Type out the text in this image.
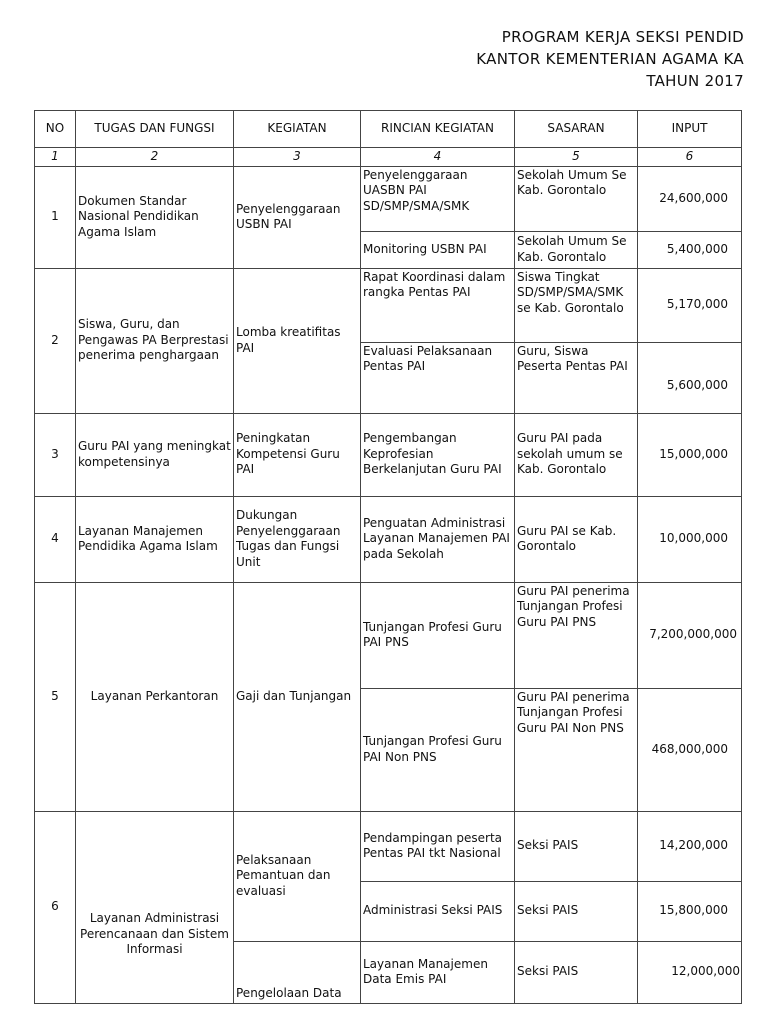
PROGRAM KERJA SEKSI PENDID
KANTOR KEMENTERIAN AGAMA KA
TAHUN 2017
NO	TUGAS DAN FUNGSI	KEGIATAN	RINCIAN KEGIATAN	SASARAN	INPUT
1	2	3	4	5	6
1	Dokumen Standar Nasional Pendidikan Agama Islam	Penyelenggaraan USBN PAI	Penyelenggaraan UASBN PAI SD/SMP/SMA/SMK	Sekolah Umum Se Kab. Gorontalo	24,600,000
			Monitoring USBN PAI	Sekolah Umum Se Kab. Gorontalo	5,400,000
2	Siswa, Guru, dan Pengawas PA Berprestasi penerima penghargaan	Lomba kreatifitas PAI	Rapat Koordinasi dalam rangka Pentas PAI	Siswa Tingkat SD/SMP/SMA/SMK se Kab. Gorontalo	5,170,000
			Evaluasi Pelaksanaan Pentas PAI	Guru, Siswa Peserta Pentas PAI	5,600,000
3	Guru PAI yang meningkat kompetensinya	Peningkatan Kompetensi Guru PAI	Pengembangan Keprofesian Berkelanjutan Guru PAI	Guru PAI pada sekolah umum se Kab. Gorontalo	15,000,000
4	Layanan Manajemen Pendidika Agama Islam	Dukungan Penyelenggaraan Tugas dan Fungsi Unit	Penguatan Administrasi Layanan Manajemen PAI pada Sekolah	Guru PAI se Kab. Gorontalo	10,000,000
5	Layanan Perkantoran	Gaji dan Tunjangan	Tunjangan Profesi Guru PAI PNS	Guru PAI penerima Tunjangan Profesi Guru PAI PNS	7,200,000,000
			Tunjangan Profesi Guru PAI Non PNS	Guru PAI penerima Tunjangan Profesi Guru PAI Non PNS	468,000,000
6	Layanan Administrasi Perencanaan dan Sistem Informasi	Pelaksanaan Pemantuan dan evaluasi	Pendampingan peserta Pentas PAI tkt Nasional	Seksi PAIS	14,200,000
			Administrasi Seksi PAIS	Seksi PAIS	15,800,000
		Pengelolaan Data	Layanan Manajemen Data Emis PAI	Seksi PAIS	12,000,000
